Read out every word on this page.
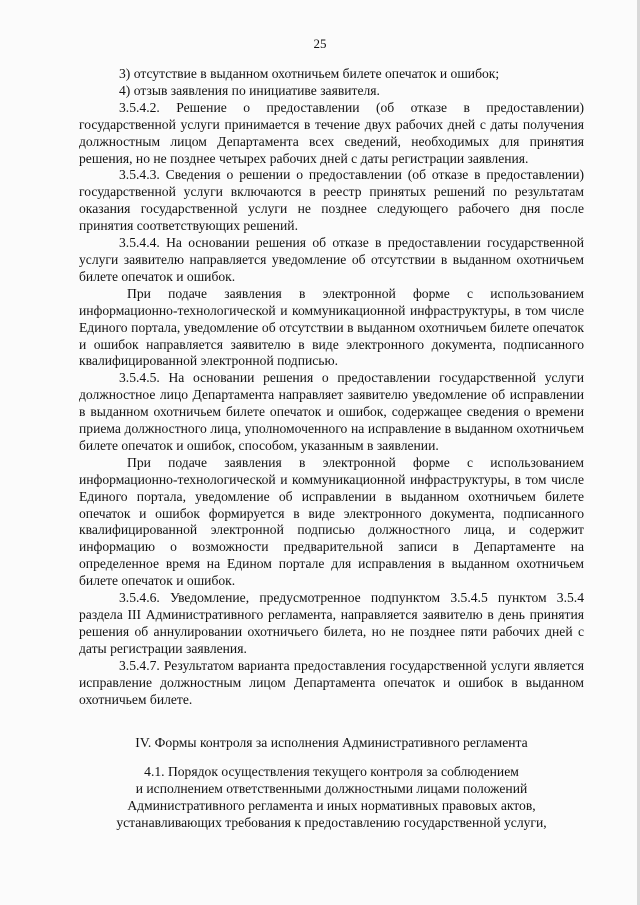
25

3) отсутствие в выданном охотничьем билете опечаток и ошибок;

4) отзыв заявления по инициативе заявителя.

3.5.4.2. Решение о предоставлении (об отказе в предоставлении) государственной услуги принимается в течение двух рабочих дней с даты получения должностным лицом Департамента всех сведений, необходимых для принятия решения, но не позднее четырех рабочих дней с даты регистрации заявления.

3.5.4.3. Сведения о решении о предоставлении (об отказе в предоставлении) государственной услуги включаются в реестр принятых решений по результатам оказания государственной услуги не позднее следующего рабочего дня после принятия соответствующих решений.

3.5.4.4. На основании решения об отказе в предоставлении государственной услуги заявителю направляется уведомление об отсутствии в выданном охотничьем билете опечаток и ошибок.

При подаче заявления в электронной форме с использованием информационно-технологической и коммуникационной инфраструктуры, в том числе Единого портала, уведомление об отсутствии в выданном охотничьем билете опечаток и ошибок направляется заявителю в виде электронного документа, подписанного квалифицированной электронной подписью.

3.5.4.5. На основании решения о предоставлении государственной услуги должностное лицо Департамента направляет заявителю уведомление об исправлении в выданном охотничьем билете опечаток и ошибок, содержащее сведения о времени приема должностного лица, уполномоченного на исправление в выданном охотничьем билете опечаток и ошибок, способом, указанным в заявлении.

При подаче заявления в электронной форме с использованием информационно-технологической и коммуникационной инфраструктуры, в том числе Единого портала, уведомление об исправлении в выданном охотничьем билете опечаток и ошибок формируется в виде электронного документа, подписанного квалифицированной электронной подписью должностного лица, и содержит информацию о возможности предварительной записи в Департаменте на определенное время на Едином портале для исправления в выданном охотничьем билете опечаток и ошибок.

3.5.4.6. Уведомление, предусмотренное подпунктом 3.5.4.5 пунктом 3.5.4 раздела III Административного регламента, направляется заявителю в день принятия решения об аннулировании охотничьего билета, но не позднее пяти рабочих дней с даты регистрации заявления.

3.5.4.7. Результатом варианта предоставления государственной услуги является исправление должностным лицом Департамента опечаток и ошибок в выданном охотничьем билете.

IV. Формы контроля за исполнения Административного регламента

4.1. Порядок осуществления текущего контроля за соблюдением

и исполнением ответственными должностными лицами положений

Административного регламента и иных нормативных правовых актов,

устанавливающих требования к предоставлению государственной услуги,
